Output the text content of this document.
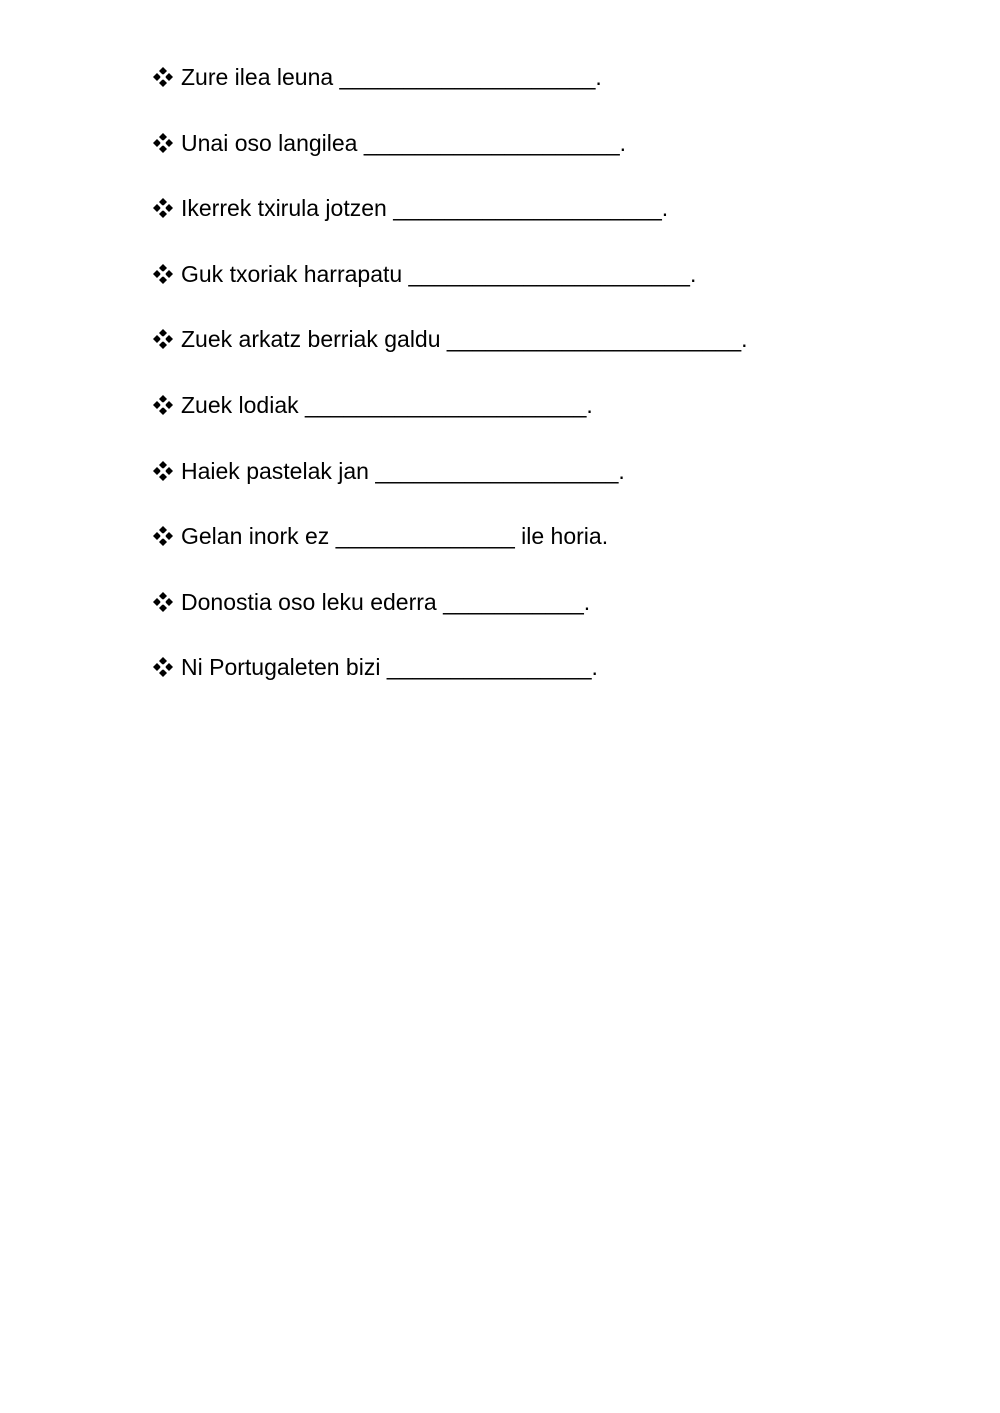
Zure ilea leuna ____________________.
Unai oso langilea ____________________.
Ikerrek txirula jotzen _____________________.
Guk txoriak harrapatu ______________________.
Zuek arkatz berriak galdu _______________________.
Zuek lodiak ______________________.
Haiek pastelak jan ___________________.
Gelan inork ez ______________ ile horia.
Donostia oso leku ederra ___________.
Ni Portugaleten bizi ________________.
